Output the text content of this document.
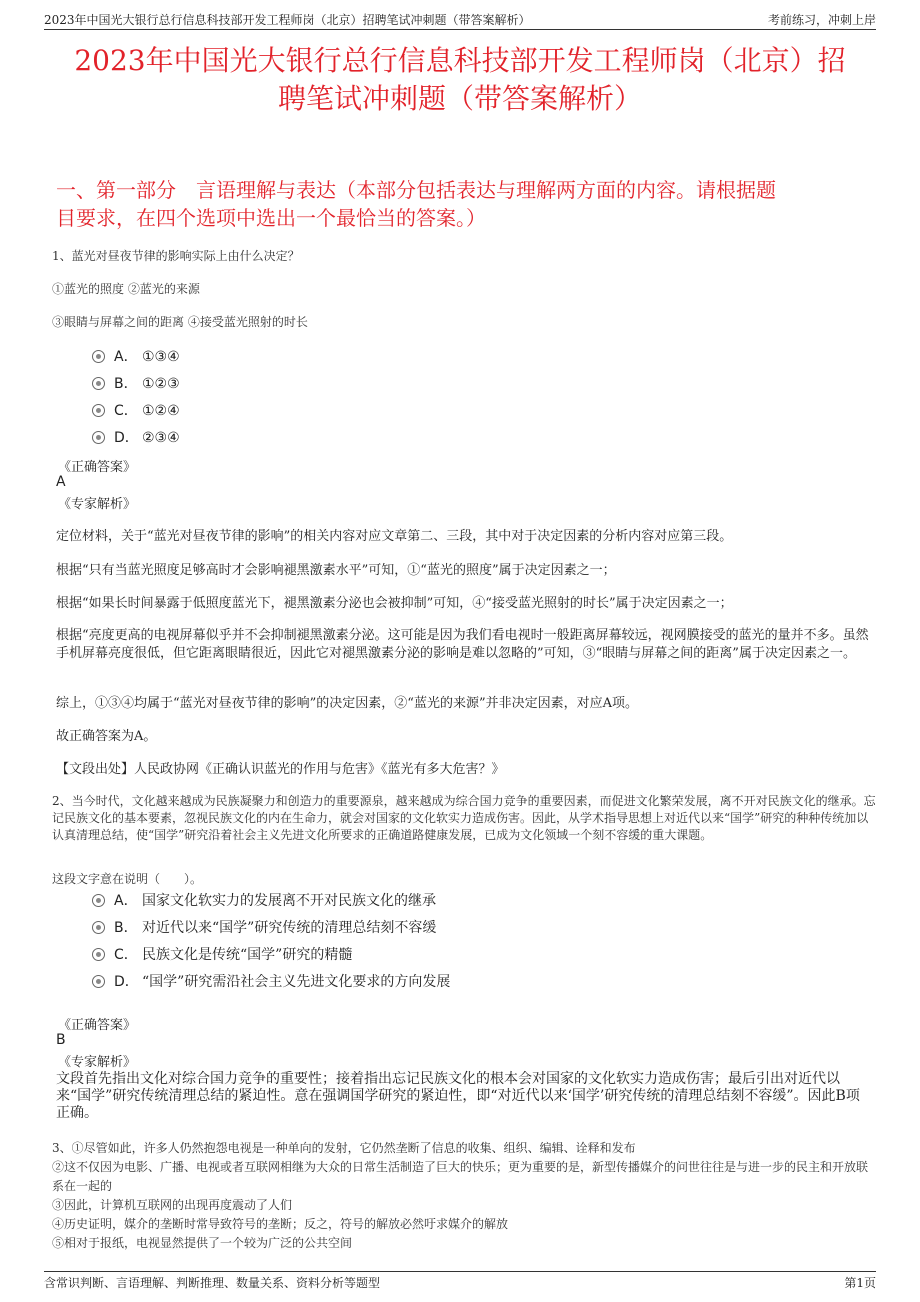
2023年中国光大银行总行信息科技部开发工程师岗（北京）招聘笔试冲刺题（带答案解析）	考前练习，冲刺上岸
2023年中国光大银行总行信息科技部开发工程师岗（北京）招
聘笔试冲刺题（带答案解析）
一、第一部分　言语理解与表达（本部分包括表达与理解两方面的内容。请根据题
目要求，在四个选项中选出一个最恰当的答案。）
1、蓝光对昼夜节律的影响实际上由什么决定？
①蓝光的照度 ②蓝光的来源
③眼睛与屏幕之间的距离 ④接受蓝光照射的时长
A． ①③④
B． ①②③
C． ①②④
D． ②③④
《正确答案》
A
《专家解析》
定位材料，关于“蓝光对昼夜节律的影响”的相关内容对应文章第二、三段，其中对于决定因素的分析内容对应第三段。
根据“只有当蓝光照度足够高时才会影响褪黑激素水平”可知，①“蓝光的照度”属于决定因素之一；
根据“如果长时间暴露于低照度蓝光下，褪黑激素分泌也会被抑制”可知，④“接受蓝光照射的时长”属于决定因素之一；
根据“亮度更高的电视屏幕似乎并不会抑制褪黑激素分泌。这可能是因为我们看电视时一般距离屏幕较远，视网膜接受的蓝光的量并不多。虽然手机屏幕亮度很低，但它距离眼睛很近，因此它对褪黑激素分泌的影响是难以忽略的”可知，③“眼睛与屏幕之间的距离”属于决定因素之一。
综上，①③④均属于“蓝光对昼夜节律的影响”的决定因素，②“蓝光的来源”并非决定因素，对应A项。
故正确答案为A。
【文段出处】人民政协网《正确认识蓝光的作用与危害》《蓝光有多大危害？》
2、当今时代，文化越来越成为民族凝聚力和创造力的重要源泉，越来越成为综合国力竞争的重要因素，而促进文化繁荣发展，离不开对民族文化的继承。忘记民族文化的基本要素，忽视民族文化的内在生命力，就会对国家的文化软实力造成伤害。因此，从学术指导思想上对近代以来“国学”研究的种种传统加以认真清理总结，使“国学”研究沿着社会主义先进文化所要求的正确道路健康发展，已成为文化领域一个刻不容缓的重大课题。
这段文字意在说明（　　）。
A． 国家文化软实力的发展离不开对民族文化的继承
B． 对近代以来“国学”研究传统的清理总结刻不容缓
C． 民族文化是传统“国学”研究的精髓
D． “国学”研究需沿社会主义先进文化要求的方向发展
《正确答案》
B
《专家解析》
文段首先指出文化对综合国力竞争的重要性；接着指出忘记民族文化的根本会对国家的文化软实力造成伤害；最后引出对近代以来“国学”研究传统清理总结的紧迫性。意在强调国学研究的紧迫性，即“对近代以来‘国学’研究传统的清理总结刻不容缓”。因此B项正确。
3、①尽管如此，许多人仍然抱怨电视是一种单向的发射，它仍然垄断了信息的收集、组织、编辑、诠释和发布
②这不仅因为电影、广播、电视或者互联网相继为大众的日常生活制造了巨大的快乐；更为重要的是，新型传播媒介的问世往往是与进一步的民主和开放联系在一起的
③因此，计算机互联网的出现再度震动了人们
④历史证明，媒介的垄断时常导致符号的垄断；反之，符号的解放必然吁求媒介的解放
⑤相对于报纸，电视显然提供了一个较为广泛的公共空间
含常识判断、言语理解、判断推理、数量关系、资料分析等题型	第1页
